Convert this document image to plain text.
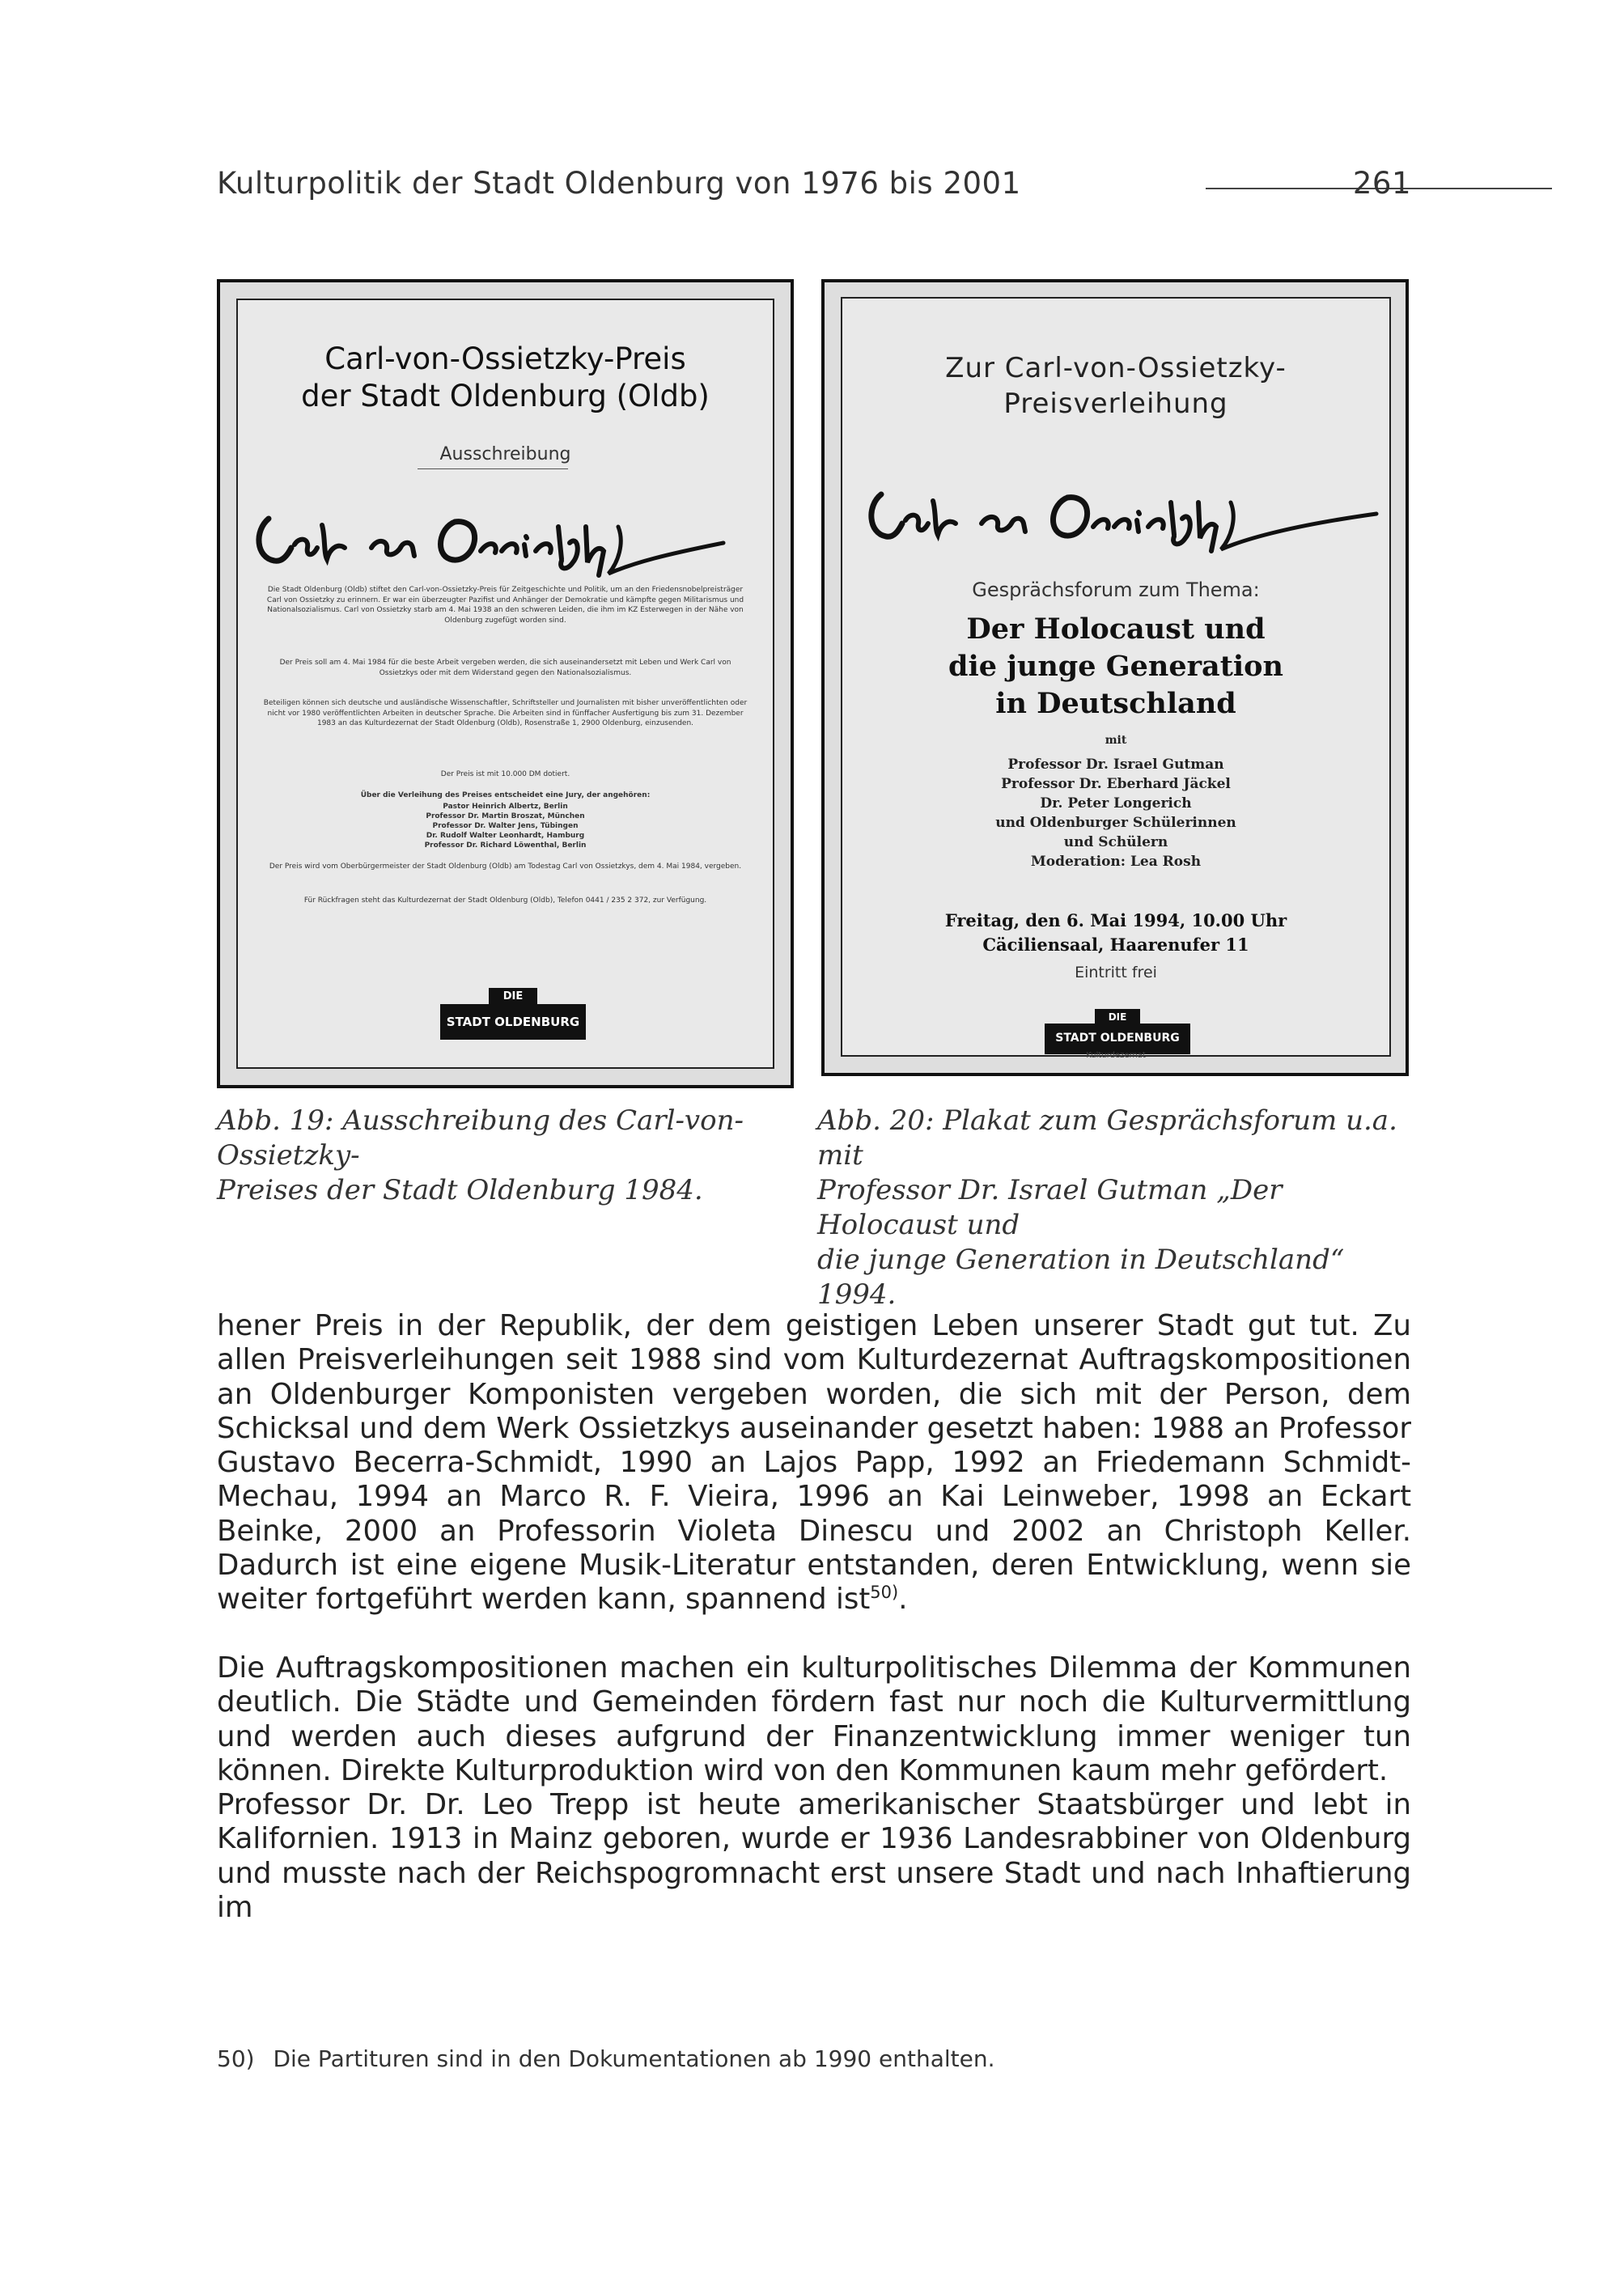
Kulturpolitik der Stadt Oldenburg von 1976 bis 2001	261
Carl-von-Ossietzky-Preis
der Stadt Oldenburg (Oldb)
Ausschreibung
Die Stadt Oldenburg (Oldb) stiftet den Carl-von-Ossietzky-Preis für Zeitgeschichte und Politik, um an den Friedensnobelpreisträger Carl von Ossietzky zu erinnern. Er war ein überzeugter Pazifist und Anhänger der Demokratie und kämpfte gegen Militarismus und Nationalsozialismus. Carl von Ossietzky starb am 4. Mai 1938 an den schweren Leiden, die ihm im KZ Esterwegen in der Nähe von Oldenburg zugefügt worden sind.
Der Preis soll am 4. Mai 1984 für die beste Arbeit vergeben werden, die sich auseinandersetzt mit Leben und Werk Carl von Ossietzkys oder mit dem Widerstand gegen den Nationalsozialismus.
Beteiligen können sich deutsche und ausländische Wissenschaftler, Schriftsteller und Journalisten mit bisher unveröffentlichten oder nicht vor 1980 veröffentlichten Arbeiten in deutscher Sprache. Die Arbeiten sind in fünffacher Ausfertigung bis zum 31. Dezember 1983 an das Kulturdezernat der Stadt Oldenburg (Oldb), Rosenstraße 1, 2900 Oldenburg, einzusenden.
Der Preis ist mit 10.000 DM dotiert.
Über die Verleihung des Preises entscheidet eine Jury, der angehören:
Pastor Heinrich Albertz, Berlin
Professor Dr. Martin Broszat, München
Professor Dr. Walter Jens, Tübingen
Dr. Rudolf Walter Leonhardt, Hamburg
Professor Dr. Richard Löwenthal, Berlin
Der Preis wird vom Oberbürgermeister der Stadt Oldenburg (Oldb) am Todestag Carl von Ossietzkys, dem 4. Mai 1984, vergeben.
Für Rückfragen steht das Kulturdezernat der Stadt Oldenburg (Oldb), Telefon 0441 / 235 2 372, zur Verfügung.
DIE
STADT OLDENBURG
Zur Carl-von-Ossietzky-
Preisverleihung
Gesprächsforum zum Thema:
Der Holocaust und
die junge Generation
in Deutschland
mit
Professor Dr. Israel Gutman
Professor Dr. Eberhard Jäckel
Dr. Peter Longerich
und Oldenburger Schülerinnen
und Schülern
Moderation: Lea Rosh
Freitag, den 6. Mai 1994, 10.00 Uhr
Cäciliensaal, Haarenufer 11
Eintritt frei
DIE
STADT OLDENBURG
Kulturdezernat
Abb. 19: Ausschreibung des Carl-von-Ossietzky-
Preises der Stadt Oldenburg 1984.
Abb. 20: Plakat zum Gesprächsforum u.a. mit
Professor Dr. Israel Gutman „Der Holocaust und
die junge Generation in Deutschland“ 1994.

hener Preis in der Republik, der dem geistigen Leben unserer Stadt gut tut. Zu allen Preisverleihungen seit 1988 sind vom Kulturdezernat Auftragskompositionen an Oldenburger Komponisten vergeben worden, die sich mit der Person, dem Schicksal und dem Werk Ossietzkys auseinander gesetzt haben: 1988 an Professor Gustavo Becerra-Schmidt, 1990 an Lajos Papp, 1992 an Friedemann Schmidt-Mechau, 1994 an Marco R. F. Vieira, 1996 an Kai Leinweber, 1998 an Eckart Beinke, 2000 an Professorin Violeta Dinescu und 2002 an Christoph Keller. Dadurch ist eine eigene Musik-Literatur entstanden, deren Entwicklung, wenn sie weiter fortgeführt werden kann, spannend ist$^{50)}$.

Die Auftragskompositionen machen ein kulturpolitisches Dilemma der Kommunen deutlich. Die Städte und Gemeinden fördern fast nur noch die Kulturvermittlung und werden auch dieses aufgrund der Finanzentwicklung immer weniger tun können. Direkte Kulturproduktion wird von den Kommunen kaum mehr gefördert.

Professor Dr. Dr. Leo Trepp ist heute amerikanischer Staatsbürger und lebt in Kalifornien. 1913 in Mainz geboren, wurde er 1936 Landesrabbiner von Oldenburg und musste nach der Reichspogromnacht erst unsere Stadt und nach Inhaftierung im

50) Die Partituren sind in den Dokumentationen ab 1990 enthalten.
